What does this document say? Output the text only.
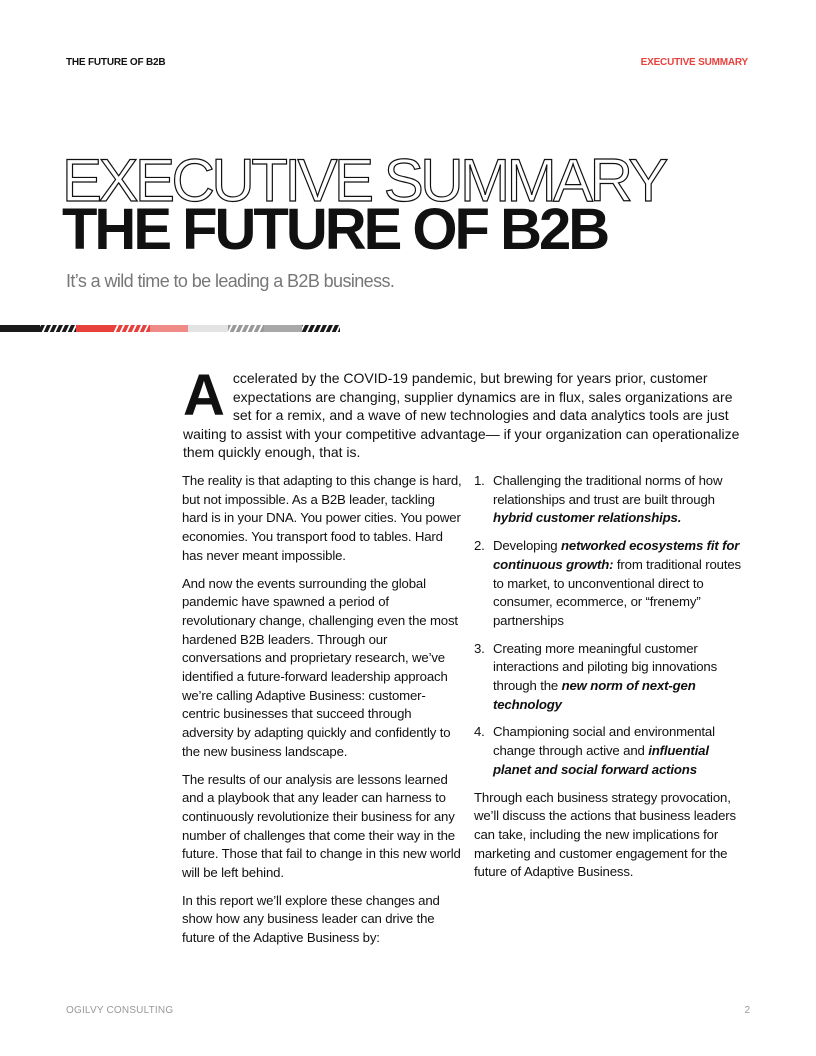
THE FUTURE OF B2B	EXECUTIVE SUMMARY
EXECUTIVE SUMMARY
THE FUTURE OF B2B
It’s a wild time to be leading a B2B business.
Accelerated by the COVID-19 pandemic, but brewing for years prior, customer expectations are changing, supplier dynamics are in flux, sales organizations are set for a remix, and a wave of new technologies and data analytics tools are just waiting to assist with your competitive advantage— if your organization can operationalize them quickly enough, that is.

The reality is that adapting to this change is hard, but not impossible. As a B2B leader, tackling hard is in your DNA. You power cities. You power economies. You transport food to tables. Hard has never meant impossible.

And now the events surrounding the global pandemic have spawned a period of revolutionary change, challenging even the most hardened B2B leaders. Through our conversations and proprietary research, we’ve identified a future-forward leadership approach we’re calling Adaptive Business: customer-centric businesses that succeed through adversity by adapting quickly and confidently to the new business landscape.

The results of our analysis are lessons learned and a playbook that any leader can harness to continuously revolutionize their business for any number of challenges that come their way in the future. Those that fail to change in this new world will be left behind.

In this report we’ll explore these changes and show how any business leader can drive the future of the Adaptive Business by:

1. Challenging the traditional norms of how relationships and trust are built through hybrid customer relationships.
2. Developing networked ecosystems fit for continuous growth: from traditional routes to market, to unconventional direct to consumer, ecommerce, or “frenemy” partnerships
3. Creating more meaningful customer interactions and piloting big innovations through the new norm of next-gen technology
4. Championing social and environmental change through active and influential planet and social forward actions

Through each business strategy provocation, we’ll discuss the actions that business leaders can take, including the new implications for marketing and customer engagement for the future of Adaptive Business.

OGILVY CONSULTING	2
